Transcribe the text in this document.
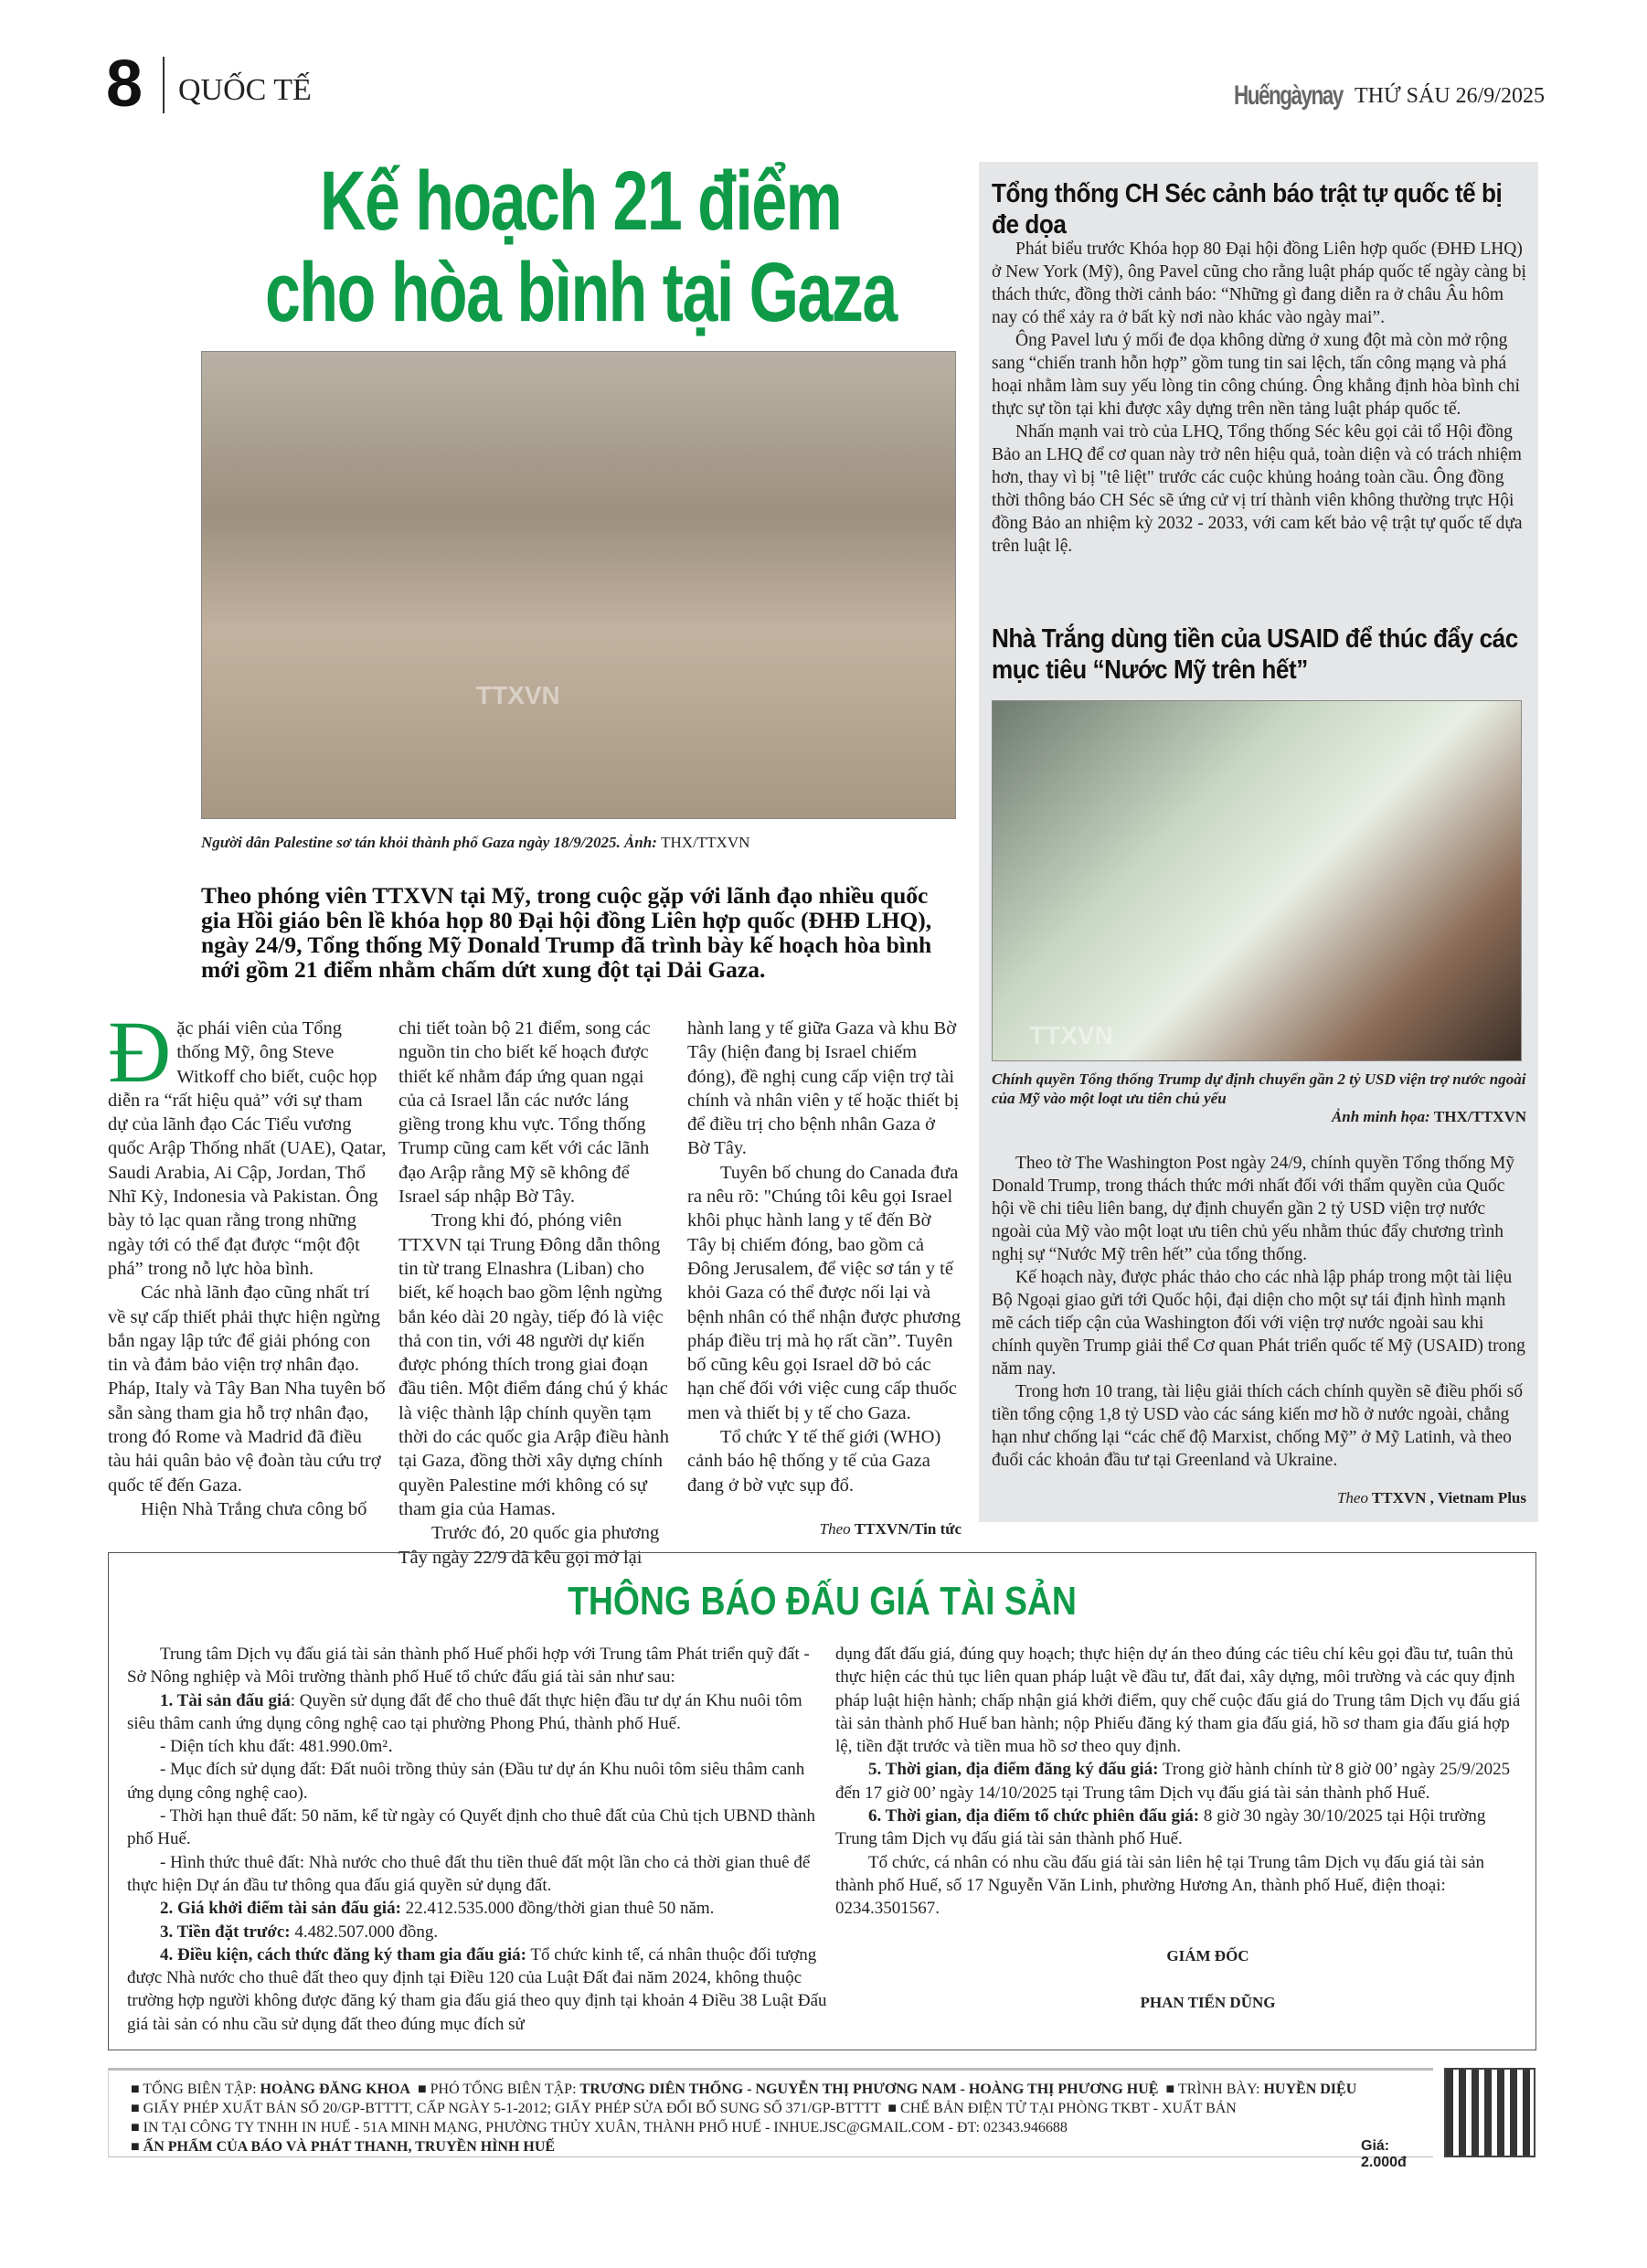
8 QUỐC TẾ	Huếngàynay THỨ SÁU 26/9/2025
Kế hoạch 21 điểm
cho hòa bình tại Gaza
TTXVN
Người dân Palestine sơ tán khỏi thành phố Gaza ngày 18/9/2025. Ảnh: THX/TTXVN
Theo phóng viên TTXVN tại Mỹ, trong cuộc gặp với lãnh đạo nhiều quốc gia Hồi giáo bên lề khóa họp 80 Đại hội đồng Liên hợp quốc (ĐHĐ LHQ), ngày 24/9, Tổng thống Mỹ Donald Trump đã trình bày kế hoạch hòa bình mới gồm 21 điểm nhằm chấm dứt xung đột tại Dải Gaza.

Đặc phái viên của Tổng thống Mỹ, ông Steve Witkoff cho biết, cuộc họp diễn ra “rất hiệu quả” với sự tham dự của lãnh đạo Các Tiểu vương quốc Arập Thống nhất (UAE), Qatar, Saudi Arabia, Ai Cập, Jordan, Thổ Nhĩ Kỳ, Indonesia và Pakistan. Ông bày tỏ lạc quan rằng trong những ngày tới có thể đạt được “một đột phá” trong nỗ lực hòa bình.

Các nhà lãnh đạo cũng nhất trí về sự cấp thiết phải thực hiện ngừng bắn ngay lập tức để giải phóng con tin và đảm bảo viện trợ nhân đạo. Pháp, Italy và Tây Ban Nha tuyên bố sẵn sàng tham gia hỗ trợ nhân đạo, trong đó Rome và Madrid đã điều tàu hải quân bảo vệ đoàn tàu cứu trợ quốc tế đến Gaza.

Hiện Nhà Trắng chưa công bố

chi tiết toàn bộ 21 điểm, song các nguồn tin cho biết kế hoạch được thiết kế nhằm đáp ứng quan ngại của cả Israel lẫn các nước láng giềng trong khu vực. Tổng thống Trump cũng cam kết với các lãnh đạo Arập rằng Mỹ sẽ không để Israel sáp nhập Bờ Tây.

Trong khi đó, phóng viên TTXVN tại Trung Đông dẫn thông tin từ trang Elnashra (Liban) cho biết, kế hoạch bao gồm lệnh ngừng bắn kéo dài 20 ngày, tiếp đó là việc thả con tin, với 48 người dự kiến được phóng thích trong giai đoạn đầu tiên. Một điểm đáng chú ý khác là việc thành lập chính quyền tạm thời do các quốc gia Arập điều hành tại Gaza, đồng thời xây dựng chính quyền Palestine mới không có sự tham gia của Hamas.

Trước đó, 20 quốc gia phương Tây ngày 22/9 đã kêu gọi mở lại

hành lang y tế giữa Gaza và khu Bờ Tây (hiện đang bị Israel chiếm đóng), đề nghị cung cấp viện trợ tài chính và nhân viên y tế hoặc thiết bị để điều trị cho bệnh nhân Gaza ở Bờ Tây.

Tuyên bố chung do Canada đưa ra nêu rõ: "Chúng tôi kêu gọi Israel khôi phục hành lang y tế đến Bờ Tây bị chiếm đóng, bao gồm cả Đông Jerusalem, để việc sơ tán y tế khỏi Gaza có thể được nối lại và bệnh nhân có thể nhận được phương pháp điều trị mà họ rất cần”. Tuyên bố cũng kêu gọi Israel dỡ bỏ các hạn chế đối với việc cung cấp thuốc men và thiết bị y tế cho Gaza.

Tổ chức Y tế thế giới (WHO) cảnh báo hệ thống y tế của Gaza đang ở bờ vực sụp đổ.

Theo TTXVN/Tin tức
Tổng thống CH Séc cảnh báo trật tự quốc tế bị đe dọa

Phát biểu trước Khóa họp 80 Đại hội đồng Liên hợp quốc (ĐHĐ LHQ) ở New York (Mỹ), ông Pavel cũng cho rằng luật pháp quốc tế ngày càng bị thách thức, đồng thời cảnh báo: “Những gì đang diễn ra ở châu Âu hôm nay có thể xảy ra ở bất kỳ nơi nào khác vào ngày mai”.

Ông Pavel lưu ý mối đe dọa không dừng ở xung đột mà còn mở rộng sang “chiến tranh hỗn hợp” gồm tung tin sai lệch, tấn công mạng và phá hoại nhằm làm suy yếu lòng tin công chúng. Ông khẳng định hòa bình chỉ thực sự tồn tại khi được xây dựng trên nền tảng luật pháp quốc tế.

Nhấn mạnh vai trò của LHQ, Tổng thống Séc kêu gọi cải tổ Hội đồng Bảo an LHQ để cơ quan này trở nên hiệu quả, toàn diện và có trách nhiệm hơn, thay vì bị "tê liệt" trước các cuộc khủng hoảng toàn cầu. Ông đồng thời thông báo CH Séc sẽ ứng cử vị trí thành viên không thường trực Hội đồng Bảo an nhiệm kỳ 2032 - 2033, với cam kết bảo vệ trật tự quốc tế dựa trên luật lệ.

Nhà Trắng dùng tiền của USAID để thúc đẩy các mục tiêu “Nước Mỹ trên hết”
TTXVN
Chính quyền Tổng thống Trump dự định chuyển gần 2 tỷ USD viện trợ nước ngoài của Mỹ vào một loạt ưu tiên chủ yếu
Ảnh minh họa: THX/TTXVN

Theo tờ The Washington Post ngày 24/9, chính quyền Tổng thống Mỹ Donald Trump, trong thách thức mới nhất đối với thẩm quyền của Quốc hội về chi tiêu liên bang, dự định chuyển gần 2 tỷ USD viện trợ nước ngoài của Mỹ vào một loạt ưu tiên chủ yếu nhằm thúc đẩy chương trình nghị sự “Nước Mỹ trên hết” của tổng thống.

Kế hoạch này, được phác thảo cho các nhà lập pháp trong một tài liệu Bộ Ngoại giao gửi tới Quốc hội, đại diện cho một sự tái định hình mạnh mẽ cách tiếp cận của Washington đối với viện trợ nước ngoài sau khi chính quyền Trump giải thể Cơ quan Phát triển quốc tế Mỹ (USAID) trong năm nay.

Trong hơn 10 trang, tài liệu giải thích cách chính quyền sẽ điều phối số tiền tổng cộng 1,8 tỷ USD vào các sáng kiến mơ hồ ở nước ngoài, chẳng hạn như chống lại “các chế độ Marxist, chống Mỹ” ở Mỹ Latinh, và theo đuổi các khoản đầu tư tại Greenland và Ukraine.

Theo TTXVN , Vietnam Plus
THÔNG BÁO ĐẤU GIÁ TÀI SẢN

Trung tâm Dịch vụ đấu giá tài sản thành phố Huế phối hợp với Trung tâm Phát triển quỹ đất - Sở Nông nghiệp và Môi trường thành phố Huế tổ chức đấu giá tài sản như sau:

1. Tài sản đấu giá: Quyền sử dụng đất để cho thuê đất thực hiện đầu tư dự án Khu nuôi tôm siêu thâm canh ứng dụng công nghệ cao tại phường Phong Phú, thành phố Huế.

- Diện tích khu đất: 481.990.0m²․

- Mục đích sử dụng đất: Đất nuôi trồng thủy sản (Đầu tư dự án Khu nuôi tôm siêu thâm canh ứng dụng công nghệ cao).

- Thời hạn thuê đất: 50 năm, kể từ ngày có Quyết định cho thuê đất của Chủ tịch UBND thành phố Huế.

- Hình thức thuê đất: Nhà nước cho thuê đất thu tiền thuê đất một lần cho cả thời gian thuê để thực hiện Dự án đầu tư thông qua đấu giá quyền sử dụng đất.

2. Giá khởi điểm tài sản đấu giá: 22.412.535.000 đồng/thời gian thuê 50 năm.

3. Tiền đặt trước: 4.482.507.000 đồng.

4. Điều kiện, cách thức đăng ký tham gia đấu giá: Tổ chức kinh tế, cá nhân thuộc đối tượng được Nhà nước cho thuê đất theo quy định tại Điều 120 của Luật Đất đai năm 2024, không thuộc trường hợp người không được đăng ký tham gia đấu giá theo quy định tại khoản 4 Điều 38 Luật Đấu giá tài sản có nhu cầu sử dụng đất theo đúng mục đích sử

dụng đất đấu giá, đúng quy hoạch; thực hiện dự án theo đúng các tiêu chí kêu gọi đầu tư, tuân thủ thực hiện các thủ tục liên quan pháp luật về đầu tư, đất đai, xây dựng, môi trường và các quy định pháp luật hiện hành; chấp nhận giá khởi điểm, quy chế cuộc đấu giá do Trung tâm Dịch vụ đấu giá tài sản thành phố Huế ban hành; nộp Phiếu đăng ký tham gia đấu giá, hồ sơ tham gia đấu giá hợp lệ, tiền đặt trước và tiền mua hồ sơ theo quy định.

5. Thời gian, địa điểm đăng ký đấu giá: Trong giờ hành chính từ 8 giờ 00’ ngày 25/9/2025 đến 17 giờ 00’ ngày 14/10/2025 tại Trung tâm Dịch vụ đấu giá tài sản thành phố Huế.

6. Thời gian, địa điểm tổ chức phiên đấu giá: 8 giờ 30 ngày 30/10/2025 tại Hội trường Trung tâm Dịch vụ đấu giá tài sản thành phố Huế.

Tổ chức, cá nhân có nhu cầu đấu giá tài sản liên hệ tại Trung tâm Dịch vụ đấu giá tài sản thành phố Huế, số 17 Nguyễn Văn Linh, phường Hương An, thành phố Huế, điện thoại: 0234.3501567.

GIÁM ĐỐC
PHAN TIẾN DŨNG
■ TỔNG BIÊN TẬP: HOÀNG ĐĂNG KHOA  ■ PHÓ TỔNG BIÊN TẬP: TRƯƠNG DIÊN THỐNG - NGUYỄN THỊ PHƯƠNG NAM - HOÀNG THỊ PHƯƠNG HUỆ  ■ TRÌNH BÀY: HUYỀN DIỆU
■ GIẤY PHÉP XUẤT BẢN SỐ 20/GP-BTTTT, CẤP NGÀY 5-1-2012; GIẤY PHÉP SỬA ĐỔI BỔ SUNG SỐ 371/GP-BTTTT  ■ CHẾ BẢN ĐIỆN TỬ TẠI PHÒNG TKBT - XUẤT BẢN
■ IN TẠI CÔNG TY TNHH IN HUẾ - 51A MINH MẠNG, PHƯỜNG THỦY XUÂN, THÀNH PHỐ HUẾ - INHUE.JSC@GMAIL.COM - ĐT: 02343.946688
■ ẤN PHẨM CỦA BÁO VÀ PHÁT THANH, TRUYỀN HÌNH HUẾ	Giá: 2.000đ
